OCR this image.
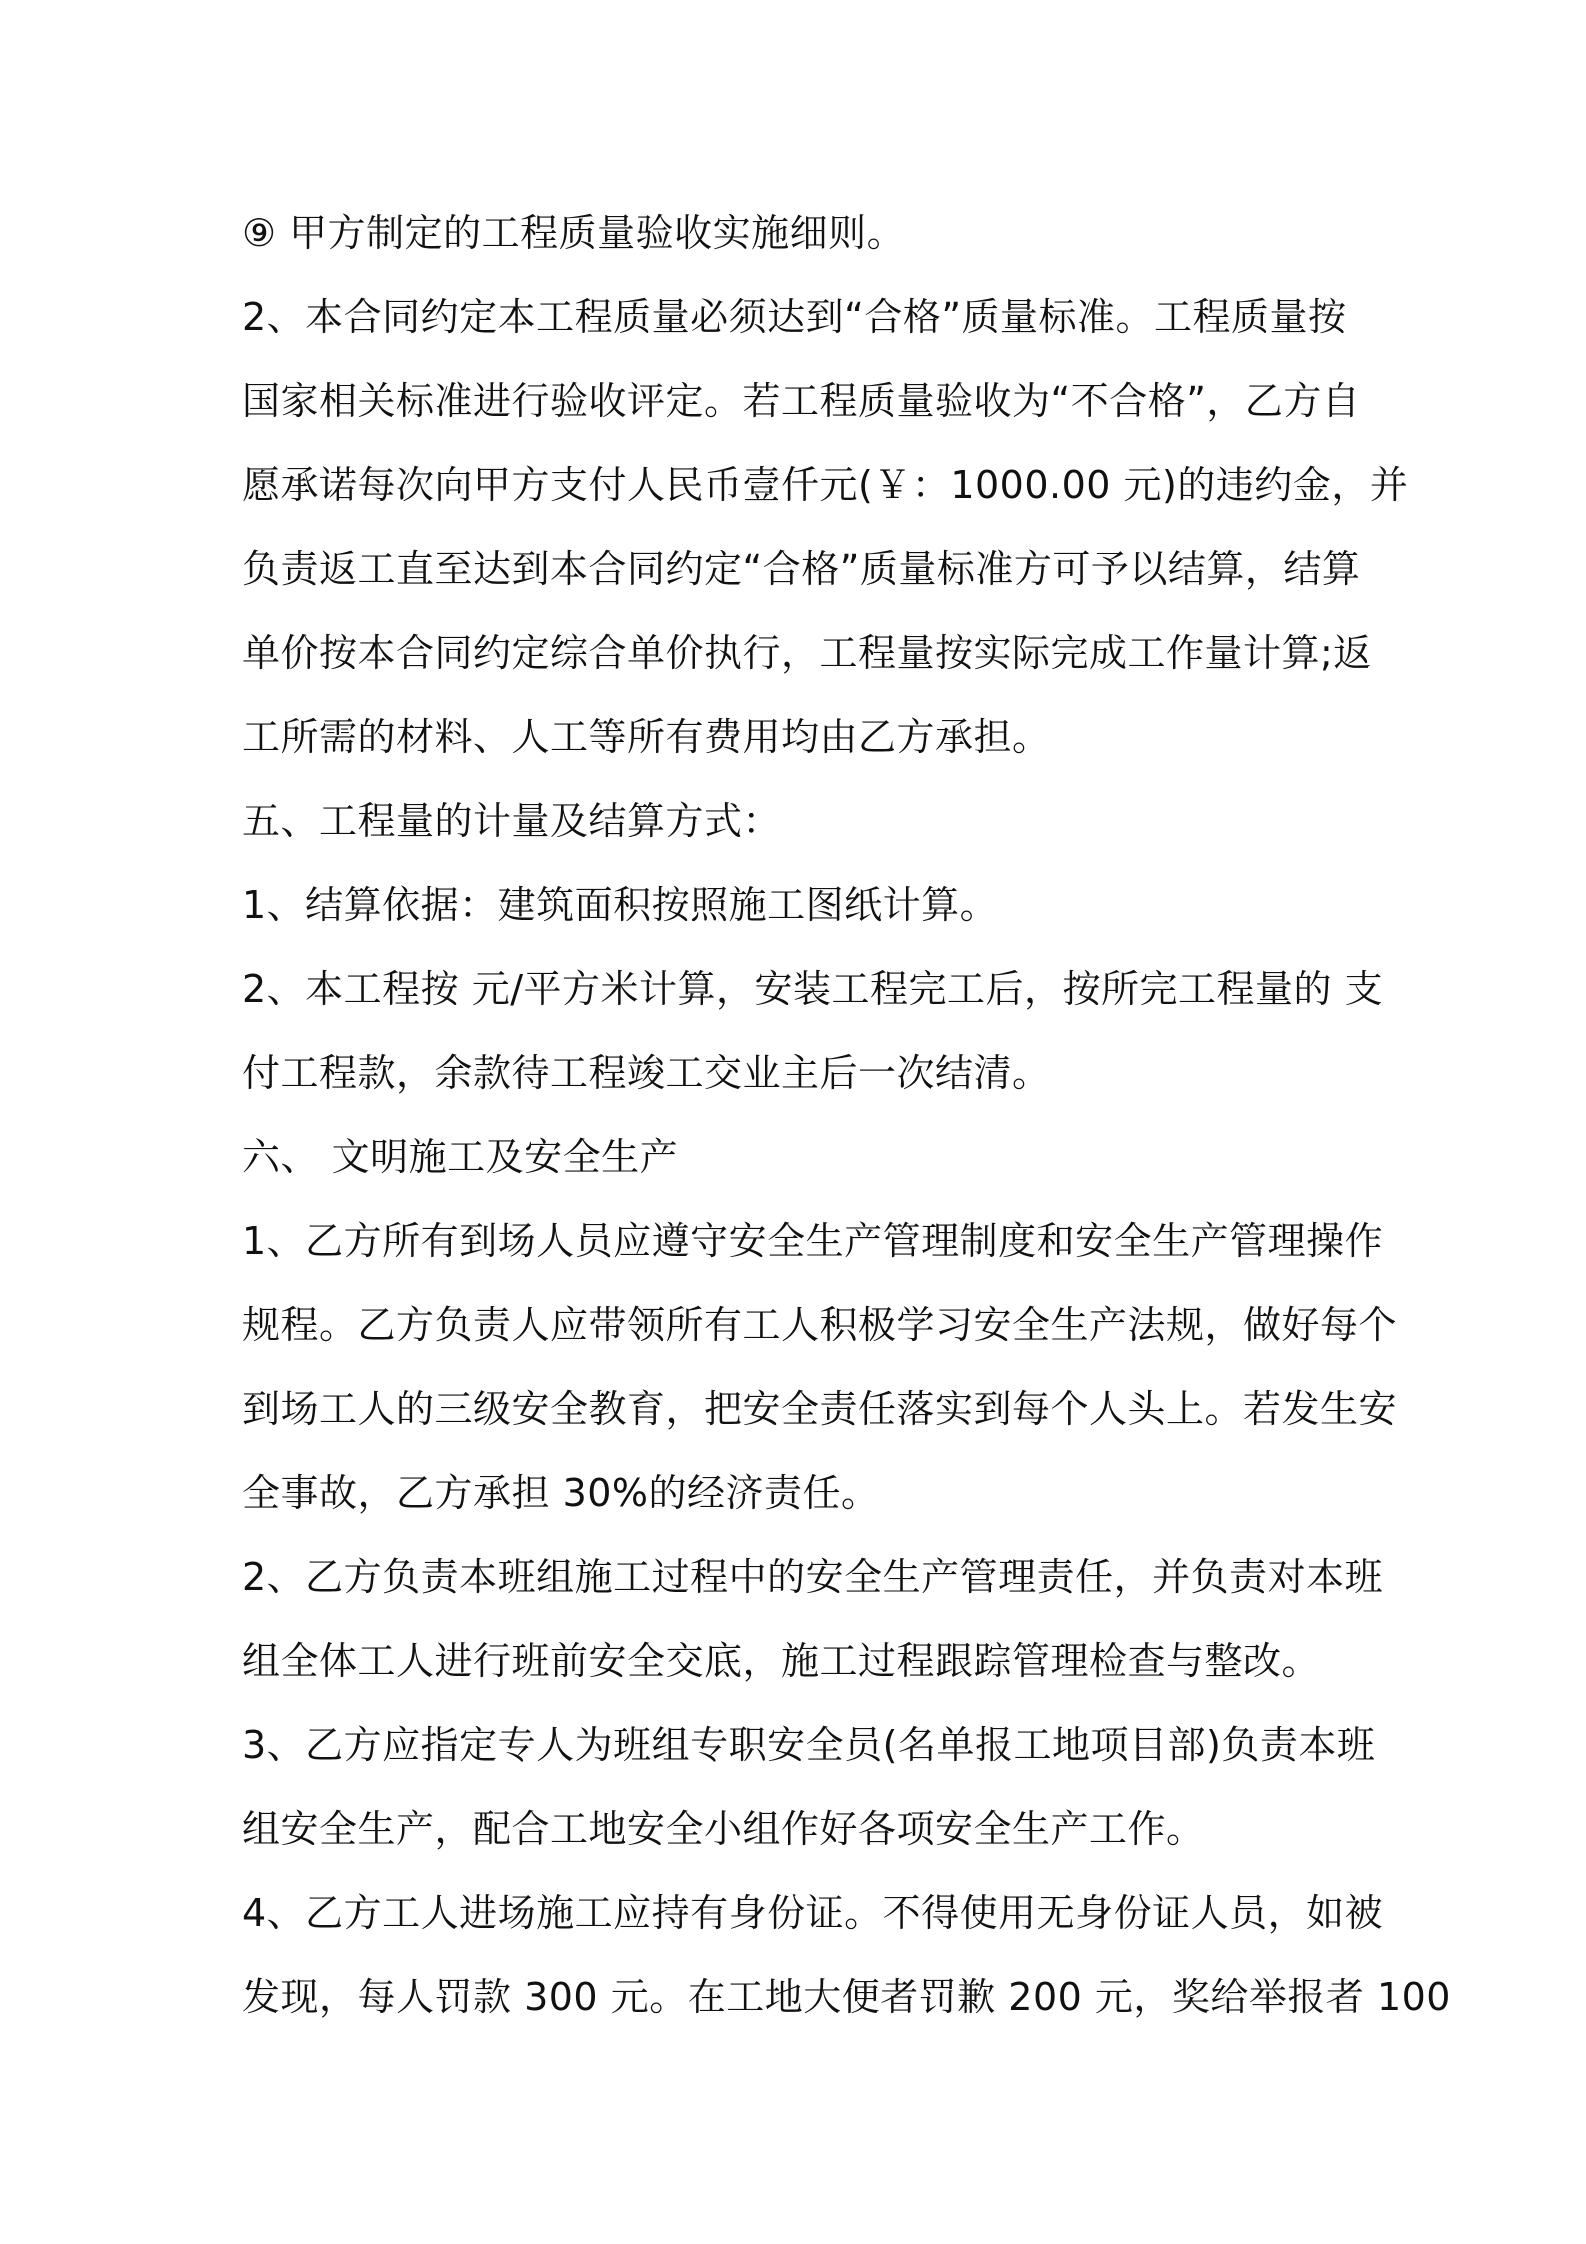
⑨ 甲方制定的工程质量验收实施细则。
2、本合同约定本工程质量必须达到“合格”质量标准。工程质量按
国家相关标准进行验收评定。若工程质量验收为“不合格”，乙方自
愿承诺每次向甲方支付人民币壹仟元(￥：1000.00 元)的违约金，并
负责返工直至达到本合同约定“合格”质量标准方可予以结算，结算
单价按本合同约定综合单价执行，工程量按实际完成工作量计算;返
工所需的材料、人工等所有费用均由乙方承担。
五、工程量的计量及结算方式：
1、结算依据：建筑面积按照施工图纸计算。
2、本工程按 元/平方米计算，安装工程完工后，按所完工程量的 支
付工程款，余款待工程竣工交业主后一次结清。
六、 文明施工及安全生产
1、乙方所有到场人员应遵守安全生产管理制度和安全生产管理操作
规程。乙方负责人应带领所有工人积极学习安全生产法规，做好每个
到场工人的三级安全教育，把安全责任落实到每个人头上。若发生安
全事故，乙方承担 30%的经济责任。
2、乙方负责本班组施工过程中的安全生产管理责任，并负责对本班
组全体工人进行班前安全交底，施工过程跟踪管理检查与整改。
3、乙方应指定专人为班组专职安全员(名单报工地项目部)负责本班
组安全生产，配合工地安全小组作好各项安全生产工作。
4、乙方工人进场施工应持有身份证。不得使用无身份证人员，如被
发现，每人罚款 300 元。在工地大便者罚歉 200 元，奖给举报者 100
